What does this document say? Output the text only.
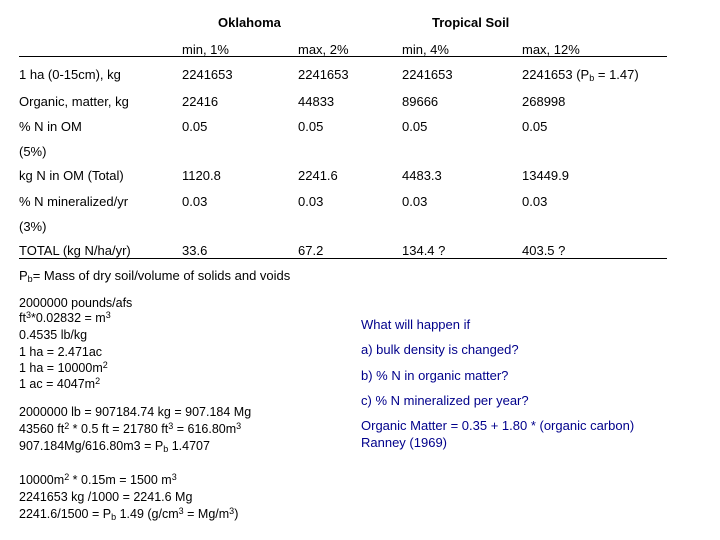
Oklahoma	Tropical Soil
min, 1%	max, 2%	min, 4%	max, 12%
1 ha (0-15cm), kg	2241653	2241653	2241653	2241653 $(P_b = 1.47)$
Organic, matter, kg	22416	44833	89666	268998
% N in OM	0.05	0.05	0.05	0.05
(5%)
kg N in OM (Total)	1120.8	2241.6	4483.3	13449.9
% N mineralized/yr	0.03	0.03	0.03	0.03
(3%)
TOTAL (kg N/ha/yr)	33.6	67.2	134.4 ?	403.5 ?
$P_b=$ Mass of dry soil/volume of solids and voids
2000000 pounds/afs
$ft^3*0.02832 = m^3$
0.4535 lb/kg
1 ha = 2.471ac
1 ha = $10000m^2$
1 ac = $4047m^2$
2000000 lb = 907184.74 kg = 907.184 Mg
43560 $ft^2 * 0.5$ ft = 21780 $ft^3 = 616.80m^3$
$907.184Mg/616.80m3 = P_b$ 1.4707
$10000m^2 * 0.15m = 1500$ $m^3$
2241653 kg /1000 = 2241.6 Mg
$2241.6/1500 = P_b$ 1.49 $(g/cm^3 = Mg/m^3)$
What will happen if
a) bulk density is changed?
b) % N in organic matter?
c) % N mineralized per year?
Organic Matter = 0.35 + 1.80 * (organic carbon)
Ranney (1969)
